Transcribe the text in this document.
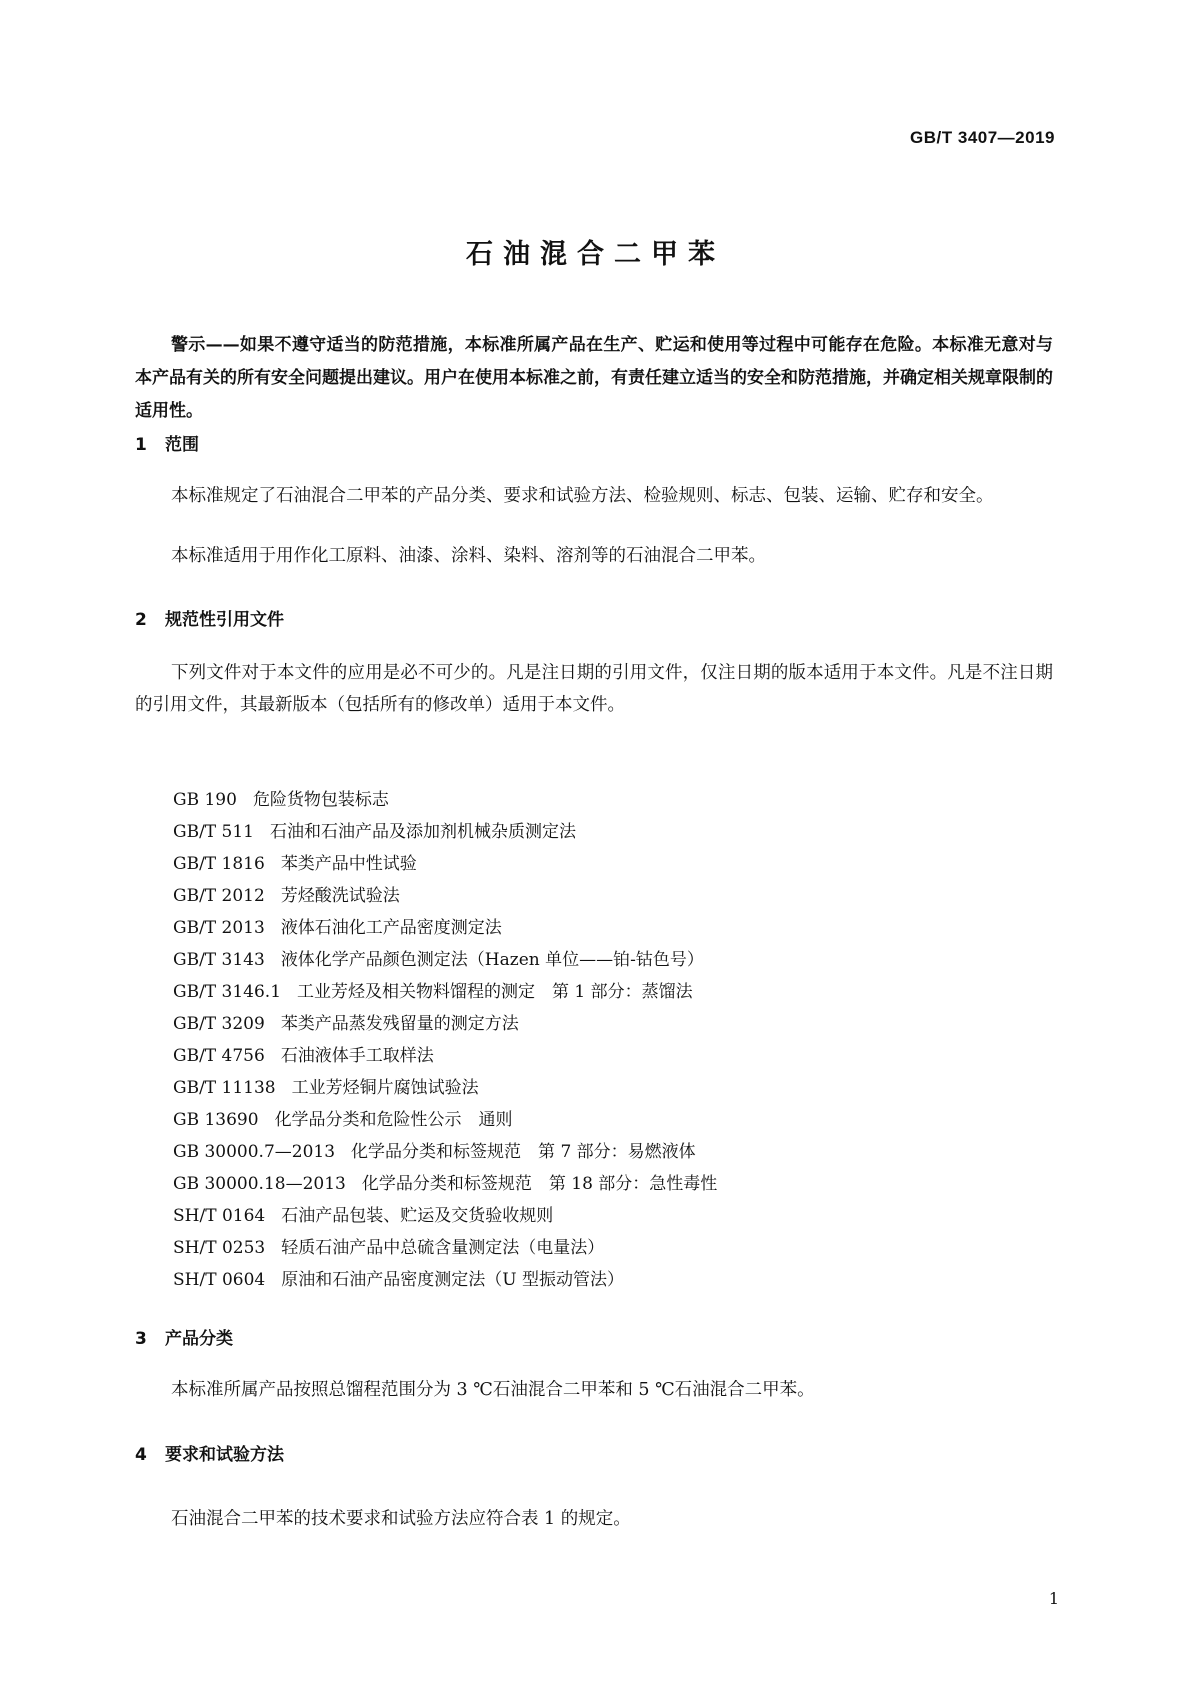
GB/T 3407—2019
石油混合二甲苯

警示——如果不遵守适当的防范措施，本标准所属产品在生产、贮运和使用等过程中可能存在危险。本标准无意对与本产品有关的所有安全问题提出建议。用户在使用本标准之前，有责任建立适当的安全和防范措施，并确定相关规章限制的适用性。

1 范围

本标准规定了石油混合二甲苯的产品分类、要求和试验方法、检验规则、标志、包装、运输、贮存和安全。

本标准适用于用作化工原料、油漆、涂料、染料、溶剂等的石油混合二甲苯。

2 规范性引用文件

下列文件对于本文件的应用是必不可少的。凡是注日期的引用文件，仅注日期的版本适用于本文件。凡是不注日期的引用文件，其最新版本（包括所有的修改单）适用于本文件。

GB 190 危险货物包装标志
GB/T 511 石油和石油产品及添加剂机械杂质测定法
GB/T 1816 苯类产品中性试验
GB/T 2012 芳烃酸洗试验法
GB/T 2013 液体石油化工产品密度测定法
GB/T 3143 液体化学产品颜色测定法（Hazen 单位——铂-钴色号）
GB/T 3146.1 工业芳烃及相关物料馏程的测定　第 1 部分：蒸馏法
GB/T 3209 苯类产品蒸发残留量的测定方法
GB/T 4756 石油液体手工取样法
GB/T 11138 工业芳烃铜片腐蚀试验法
GB 13690 化学品分类和危险性公示　通则
GB 30000.7—2013 化学品分类和标签规范　第 7 部分：易燃液体
GB 30000.18—2013 化学品分类和标签规范　第 18 部分：急性毒性
SH/T 0164 石油产品包装、贮运及交货验收规则
SH/T 0253 轻质石油产品中总硫含量测定法（电量法）
SH/T 0604 原油和石油产品密度测定法（U 型振动管法）
3 产品分类

本标准所属产品按照总馏程范围分为 3 ℃石油混合二甲苯和 5 ℃石油混合二甲苯。

4 要求和试验方法

石油混合二甲苯的技术要求和试验方法应符合表 1 的规定。

1
